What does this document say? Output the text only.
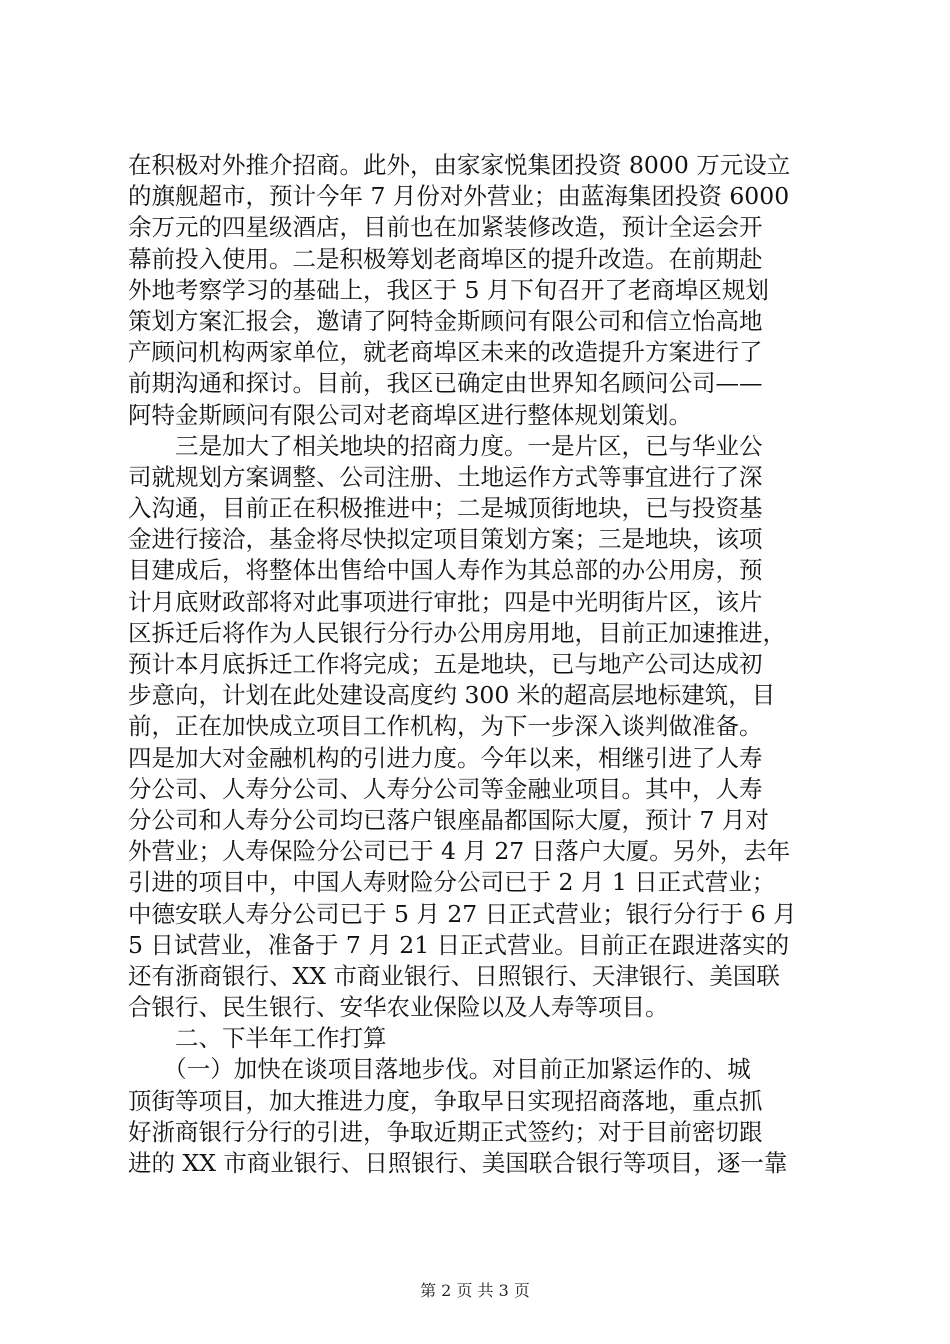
在积极对外推介招商。此外，由家家悦集团投资 8000 万元设立
的旗舰超市，预计今年 7 月份对外营业；由蓝海集团投资 6000
余万元的四星级酒店，目前也在加紧装修改造，预计全运会开
幕前投入使用。二是积极筹划老商埠区的提升改造。在前期赴
外地考察学习的基础上，我区于 5 月下旬召开了老商埠区规划
策划方案汇报会，邀请了阿特金斯顾问有限公司和信立怡高地
产顾问机构两家单位，就老商埠区未来的改造提升方案进行了
前期沟通和探讨。目前，我区已确定由世界知名顾问公司——
阿特金斯顾问有限公司对老商埠区进行整体规划策划。
　　三是加大了相关地块的招商力度。一是片区，已与华业公
司就规划方案调整、公司注册、土地运作方式等事宜进行了深
入沟通，目前正在积极推进中；二是城顶街地块，已与投资基
金进行接洽，基金将尽快拟定项目策划方案；三是地块，该项
目建成后，将整体出售给中国人寿作为其总部的办公用房，预
计月底财政部将对此事项进行审批；四是中光明街片区，该片
区拆迁后将作为人民银行分行办公用房用地，目前正加速推进，
预计本月底拆迁工作将完成；五是地块，已与地产公司达成初
步意向，计划在此处建设高度约 300 米的超高层地标建筑，目
前，正在加快成立项目工作机构，为下一步深入谈判做准备。
四是加大对金融机构的引进力度。今年以来，相继引进了人寿
分公司、人寿分公司、人寿分公司等金融业项目。其中，人寿
分公司和人寿分公司均已落户银座晶都国际大厦，预计 7 月对
外营业；人寿保险分公司已于 4 月 27 日落户大厦。另外，去年
引进的项目中，中国人寿财险分公司已于 2 月 1 日正式营业；
中德安联人寿分公司已于 5 月 27 日正式营业；银行分行于 6 月
5 日试营业，准备于 7 月 21 日正式营业。目前正在跟进落实的
还有浙商银行、XX 市商业银行、日照银行、天津银行、美国联
合银行、民生银行、安华农业保险以及人寿等项目。
　　二、下半年工作打算
　　（一）加快在谈项目落地步伐。对目前正加紧运作的、城
顶街等项目，加大推进力度，争取早日实现招商落地，重点抓
好浙商银行分行的引进，争取近期正式签约；对于目前密切跟
进的 XX 市商业银行、日照银行、美国联合银行等项目，逐一靠
第 2 页 共 3 页
